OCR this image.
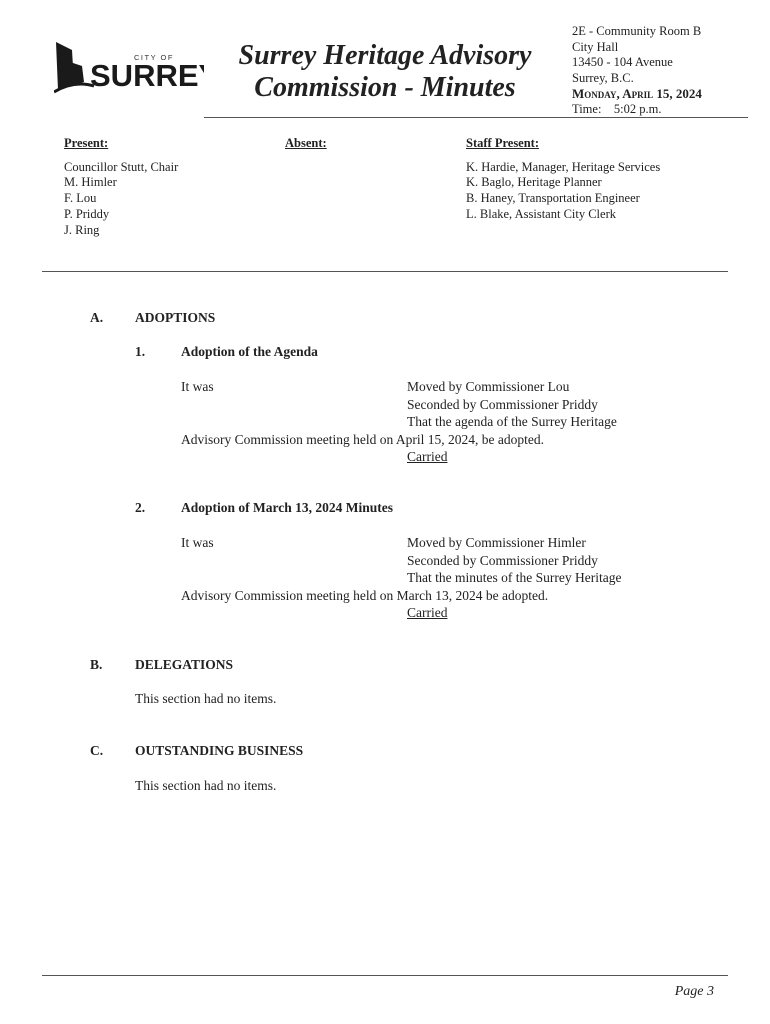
CITY OF
SURRE
Surrey Heritage Advisory
Commission - Minutes
2E - Community Room B
City Hall
13450 - 104 Avenue
Surrey, B.C.
Monday, April 15, 2024
Time: 5:02 p.m.
Present:
Councillor Stutt, Chair
M. Himler
F. Lou
P. Priddy
J. Ring
Absent:	Staff Present:
K. Hardie, Manager, Heritage Services
K. Baglo, Heritage Planner
B. Haney, Transportation Engineer
L. Blake, Assistant City Clerk
A. ADOPTIONS
1.	Adoption of the Agenda
It was	Moved by Commissioner Lou
Seconded by Commissioner Priddy
That the agenda of the Surrey Heritage
Advisory Commission meeting held on April 15, 2024, be adopted.
Carried
2.	Adoption of March 13, 2024 Minutes
It was	Moved by Commissioner Himler
Seconded by Commissioner Priddy
That the minutes of the Surrey Heritage
Advisory Commission meeting held on March 13, 2024 be adopted.
Carried
B. DELEGATIONS
This section had no items.
C. OUTSTANDING BUSINESS
This section had no items.
Page 3
